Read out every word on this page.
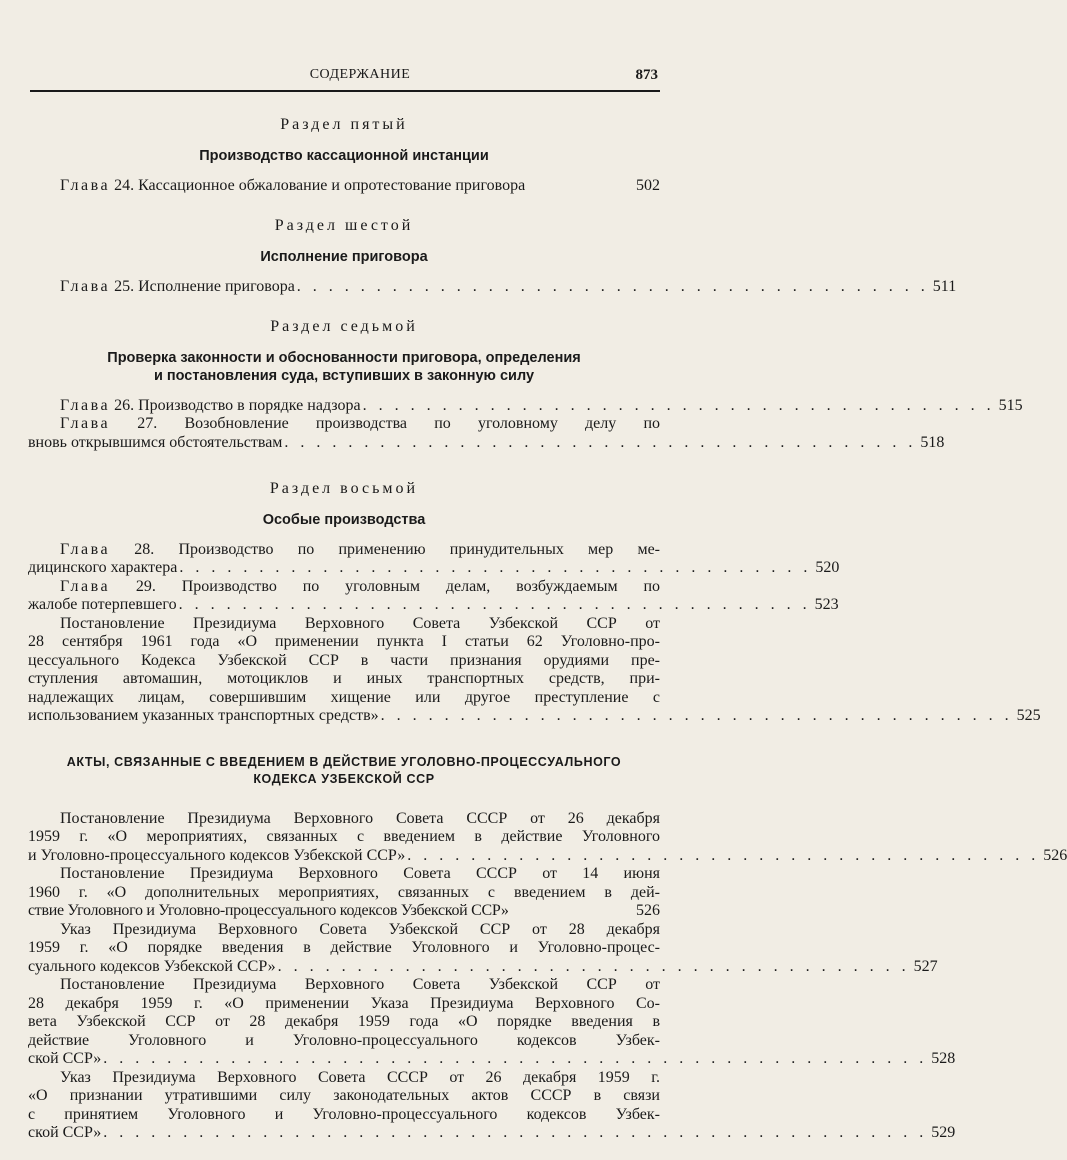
СОДЕРЖАНИЕ	873
Раздел пятый
Производство кассационной инстанции
Глава 24. Кассационное обжалование и опротестование приговора	502
Раздел шестой
Исполнение приговора
Глава 25. Исполнение приговора . . . . . . . . . . . . . . . . . . . . . . . . . . . . . . . . . . . . . . . . 511
Раздел седьмой
Проверка законности и обоснованности приговора, определения
и постановления суда, вступивших в законную силу
Глава 26. Производство в порядке надзора . . . . . . . . . . . . . . . . . . . . . . . . . . . . . . . . . . . . . . . . 515
Глава 27. Возобновление производства по уголовному делу по
вновь открывшимся обстоятельствам . . . . . . . . . . . . . . . . . . . . . . . . . . . . . . . . . . . . . . . . 518
Раздел восьмой
Особые производства
Глава 28. Производство по применению принудительных мер ме-
дицинского характера . . . . . . . . . . . . . . . . . . . . . . . . . . . . . . . . . . . . . . . . 520
Глава 29. Производство по уголовным делам, возбуждаемым по
жалобе потерпевшего . . . . . . . . . . . . . . . . . . . . . . . . . . . . . . . . . . . . . . . . 523
Постановление Президиума Верховного Совета Узбекской ССР от
28 сентября 1961 года «О применении пункта I статьи 62 Уголовно-про-
цессуального Кодекса Узбекской ССР в части признания орудиями пре-
ступления автомашин, мотоциклов и иных транспортных средств, при-
надлежащих лицам, совершившим хищение или другое преступление с
использованием указанных транспортных средств» . . . . . . . . . . . . . . . . . . . . . . . . . . . . . . . . . . . . . . . . 525
АКТЫ, СВЯЗАННЫЕ С ВВЕДЕНИЕМ В ДЕЙСТВИЕ УГОЛОВНО-ПРОЦЕССУАЛЬНОГО
КОДЕКСА УЗБЕКСКОЙ ССР
Постановление Президиума Верховного Совета СССР от 26 декабря
1959 г. «О мероприятиях, связанных с введением в действие Уголовного
и Уголовно-процессуального кодексов Узбекской ССР» . . . . . . . . . . . . . . . . . . . . . . . . . . . . . . . . . . . . . . . . 526
Постановление Президиума Верховного Совета СССР от 14 июня
1960 г. «О дополнительных мероприятиях, связанных с введением в дей-
ствие Уголовного и Уголовно-процессуального кодексов Узбекской ССР»	526
Указ Президиума Верховного Совета Узбекской ССР от 28 декабря
1959 г. «О порядке введения в действие Уголовного и Уголовно-процес-
суального кодексов Узбекской ССР» . . . . . . . . . . . . . . . . . . . . . . . . . . . . . . . . . . . . . . . . 527
Постановление Президиума Верховного Совета Узбекской ССР от
28 декабря 1959 г. «О применении Указа Президиума Верховного Со-
вета Узбекской ССР от 28 декабря 1959 года «О порядке введения в
действие Уголовного и Уголовно-процессуального кодексов Узбек-
ской ССР» . . . . . . . . . . . . . . . . . . . . . . . . . . . . . . . . . . . . . . . . . . . . . . . . . . . . 528
Указ Президиума Верховного Совета СССР от 26 декабря 1959 г.
«О признании утратившими силу законодательных актов СССР в связи
с принятием Уголовного и Уголовно-процессуального кодексов Узбек-
ской ССР» . . . . . . . . . . . . . . . . . . . . . . . . . . . . . . . . . . . . . . . . . . . . . . . . . . . . 529
